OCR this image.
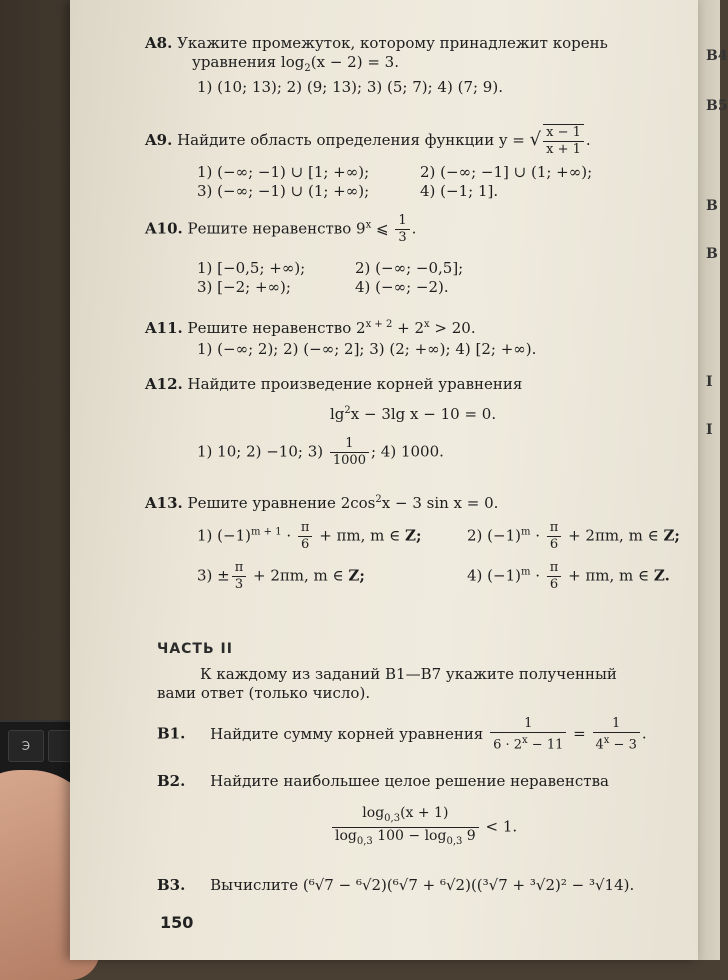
Э
B4
B5
B
B
I
I
A8. Укажите промежуток, которому принадлежит корень
уравнения $\log_2(x - 2) = 3$.
1) (10; 13); 2) (9; 13); 3) (5; 7); 4) (7; 9).
A9. Найдите область определения функции y = √ $\frac{x - 1}{x + 1}$ .
1) (−∞; −1) ∪ [1; +∞);	2) (−∞; −1] ∪ (1; +∞);
3) (−∞; −1) ∪ (1; +∞);	4) (−1; 1].
A10. Решите неравенство 9$^x$ ⩽ $\frac{1}{3}$ .
1) [−0,5; +∞);	2) (−∞; −0,5];
3) [−2; +∞);	4) (−∞; −2).
A11. Решите неравенство $2^{x + 2} + 2^x > 20$.
1) (−∞; 2); 2) (−∞; 2]; 3) (2; +∞); 4) [2; +∞).
A12. Найдите произведение корней уравнения
$\lg^2x - 3\lg$ x − 10 = 0.
1) 10; 2) −10; $3) \frac{1}{1000}$ ; 4) 1000.
A13. Решите уравнение $2\cos^2x - 3$ sin x = 0.
1) $(-1)^{m + 1} \cdot \frac{\pi}{6} + \pi m$, m ∈ Z;	2) $(-1)^m \cdot \frac{\pi}{6} + 2\pi m$, m ∈ Z;
$3) \pm \frac{\pi}{3} + 2\pi m$, m ∈ Z;	4) $(-1)^m \cdot \frac{\pi}{6} + \pi m$, m ∈ Z.
ЧАСТЬ II
К каждому из заданий B1—B7 укажите полученный
вами ответ (только число).
B1. Найдите сумму корней уравнения $\frac{1}{6 \cdot 2^x - 11} = \frac{1}{4^x - 3}$ .
B2. Найдите наибольшее целое решение неравенства
$\frac{\log_{0,3}(x + 1)}{\log_{0,3} 100 - \log_{0,3} 9} < 1$.
B3. Вычислите (⁶√7 − ⁶√2)(⁶√7 + ⁶√2)((³√7 + ³√2)² − ³√14).
150
